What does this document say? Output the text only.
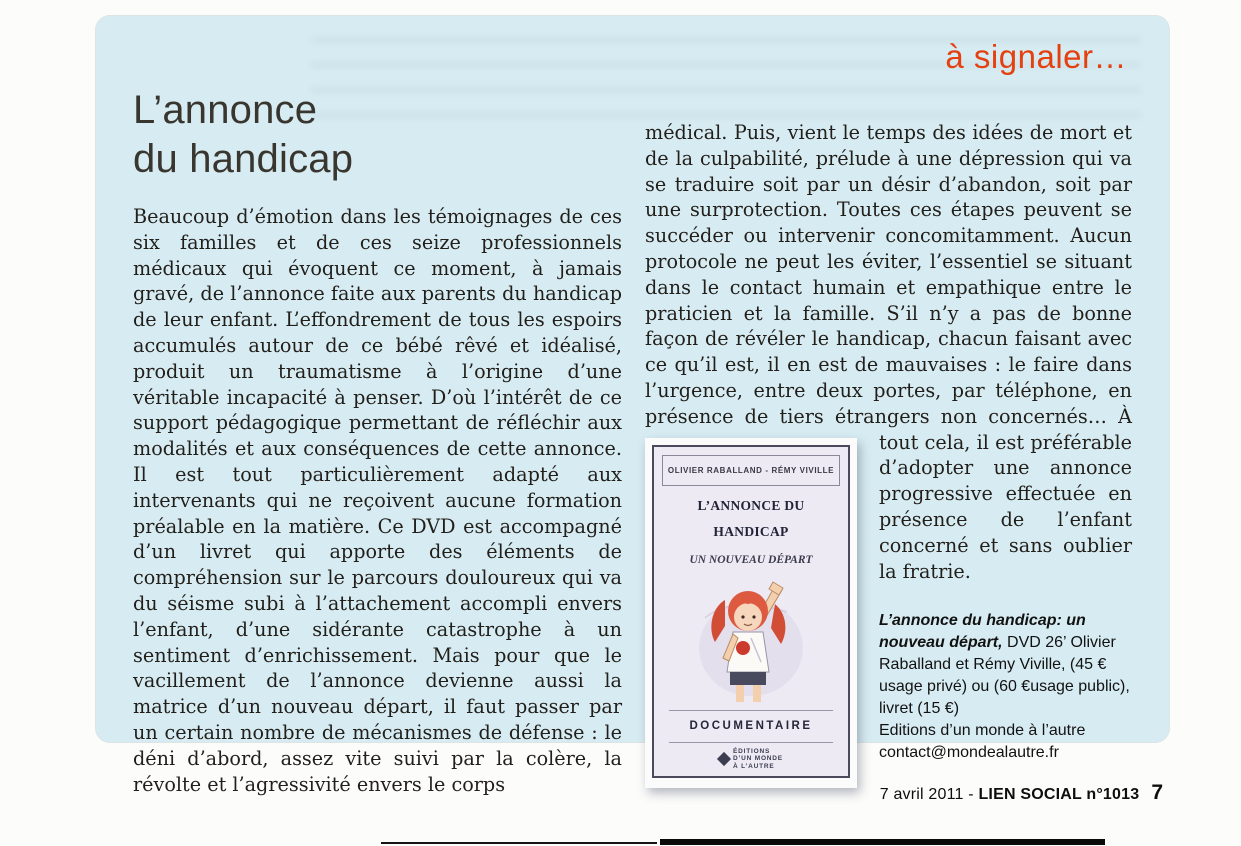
à signaler…
L’annonce
du handicap
Beaucoup d’émotion dans les témoignages de ces six familles et de ces seize professionnels médicaux qui évoquent ce moment, à jamais gravé, de l’annonce faite aux parents du handicap de leur enfant. L’effondrement de tous les espoirs accumulés autour de ce bébé rêvé et idéalisé, produit un traumatisme à l’origine d’une véritable incapacité à penser. D’où l’intérêt de ce support pédagogique permettant de réfléchir aux modalités et aux conséquences de cette annonce. Il est tout particulièrement adapté aux intervenants qui ne reçoivent aucune formation préalable en la matière. Ce DVD est accompagné d’un livret qui apporte des éléments de compréhension sur le parcours douloureux qui va du séisme subi à l’attachement accompli envers l’enfant, d’une sidérante catastrophe à un sentiment d’enrichissement. Mais pour que le vacillement de l’annonce devienne aussi la matrice d’un nouveau départ, il faut passer par un certain nombre de mécanismes de défense : le déni d’abord, assez vite suivi par la colère, la révolte et l’agressivité envers le corps
médical. Puis, vient le temps des idées de mort et de la culpabilité, prélude à une dépression qui va se traduire soit par un désir d’abandon, soit par une surprotection. Toutes ces étapes peuvent se succéder ou intervenir concomitamment. Aucun protocole ne peut les éviter, l’essentiel se situant dans le contact humain et empathique entre le praticien et la famille. S’il n’y a pas de bonne façon de révéler le handicap, chacun faisant avec ce qu’il est, il en est de mauvaises : le faire dans l’urgence, entre deux portes, par téléphone, en présence de tiers étrangers non concernés… À tout
OLIVIER RABALLAND - RÉMY VIVILLE
L’ANNONCE DU HANDICAP
UN NOUVEAU DÉPART
DOCUMENTAIRE
ÉDITIONS
D’UN MONDE
À L’AUTRE
cela, il est préférable d’adopter une annonce progressive effectuée en présence de l’enfant concerné et sans oublier la fratrie.
L’annonce du handicap: un nouveau départ, DVD 26’ Olivier Raballand et Rémy Viville, (45 € usage privé) ou (60 €usage public), livret (15 €)
Editions d’un monde à l’autre
contact@mondealautre.fr
7 avril 2011 - LIEN SOCIAL n°1013 7
